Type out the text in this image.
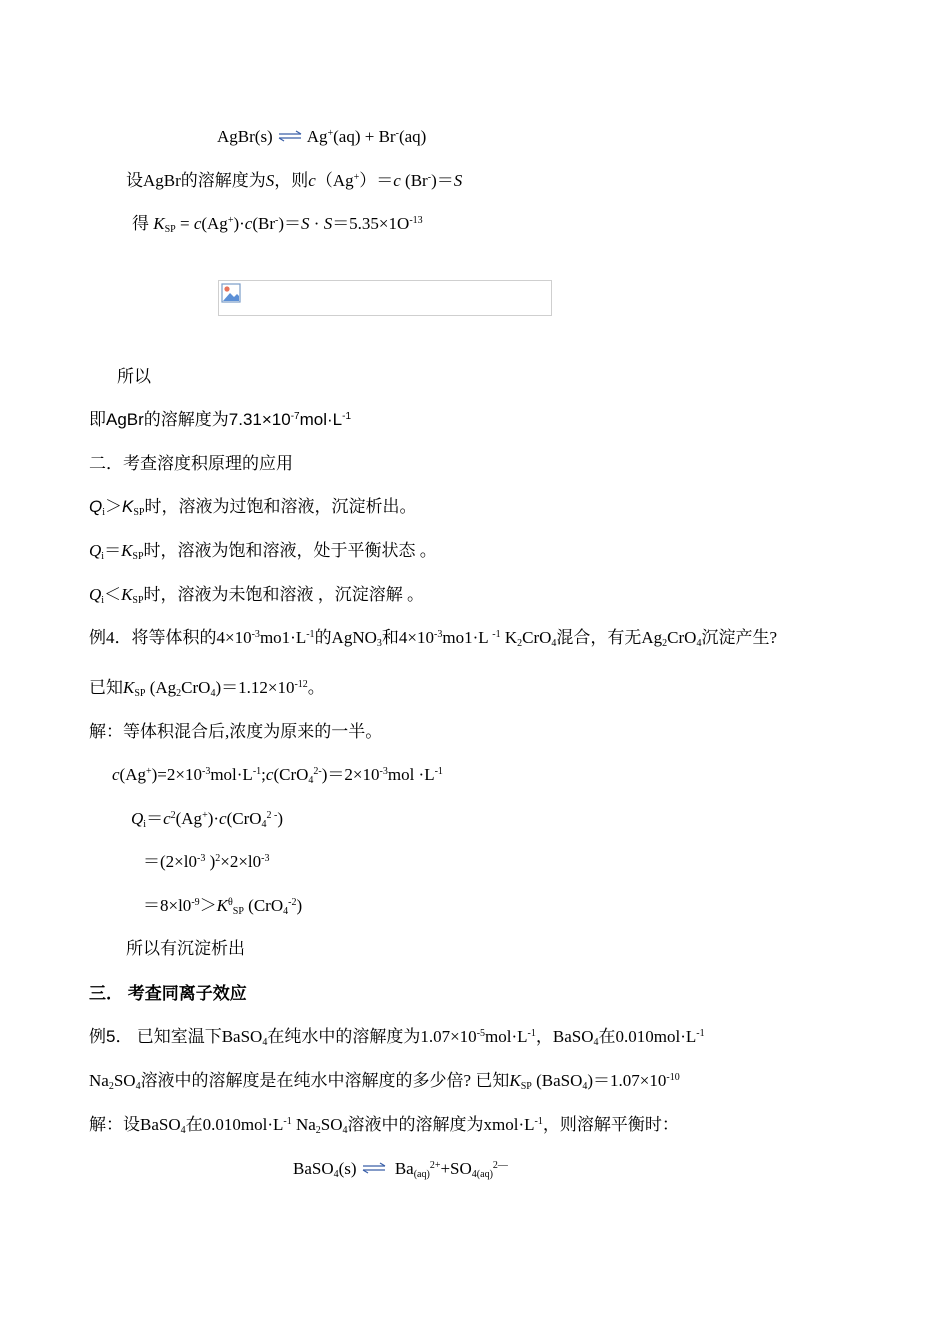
AgBr(s) ⇌ Ag+(aq) + Br-(aq)
设AgBr的溶解度为S，则c（Ag+）＝c (Br-)＝S
得 $K_{SP} = c(Ag^+)\cdot c(Br^-)=S \cdot S=5.35\times 1O^{-13}$
所以
即AgBr的溶解度为$7.31\times 10^{-7}mol\cdot L^{-1}$
二．考查溶度积原理的应用
$Q_i>K_{SP}$时，溶液为过饱和溶液，沉淀析出。
$Q_i=K_{SP}$时，溶液为饱和溶液，处于平衡状态 。
$Q_i<K_{SP}$时，溶液为未饱和溶液 ，沉淀溶解 。
例4．将等体积的$4\times 10^{-3}mo1\cdot L^{-1}$的AgNO$_3$和$4\times 10^{-3}mo1\cdot L$ $^{-1}$ $K_2CrO_4$混合，有无$Ag_2CrO_4$沉淀产生?
已知$K_{SP}$ $(Ag_2CrO_4)=1.12\times 10^{-12}$。
解：等体积混合后,浓度为原来的一半。
$c(Ag^+)=2\times 10^{-3}mol\cdot L^{-1};c(CrO_4^{2-})=2\times 10^{-3}mol \cdot L^{-1}$
$Q_i=c^2(Ag^+)\cdot c(CrO_4^{2 -})$
$=(2\times l0^{-3}$ )$^2\times 2\times l0^{-3}$
$=8\times l0^{-9}>K^\theta_{SP}$ (CrO$_4^{-2}$)
所以有沉淀析出
三． 考查同离子效应
例5． 已知室温下BaSO$_4$在纯水中的溶解度为$1.07\times 10^{-5}mol\cdot L^{-1}$，BaSO$_4$在$0.010mol\cdot L^{-1}$
$Na_2SO_4$溶液中的溶解度是在纯水中溶解度的多少倍? 已知$K_{SP}$ $(BaSO_4)=1.07\times 10^{-10}$
解：设BaSO$_4$在$0.010mol\cdot L^{-1}$ $Na_2SO_4$溶液中的溶解度为$xmol\cdot L^{-1}$，则溶解平衡时：
BaSO$_4$(s) ⇌ $Ba_{(aq)}^{2+}+SO_{4(aq)}^{2—}$
